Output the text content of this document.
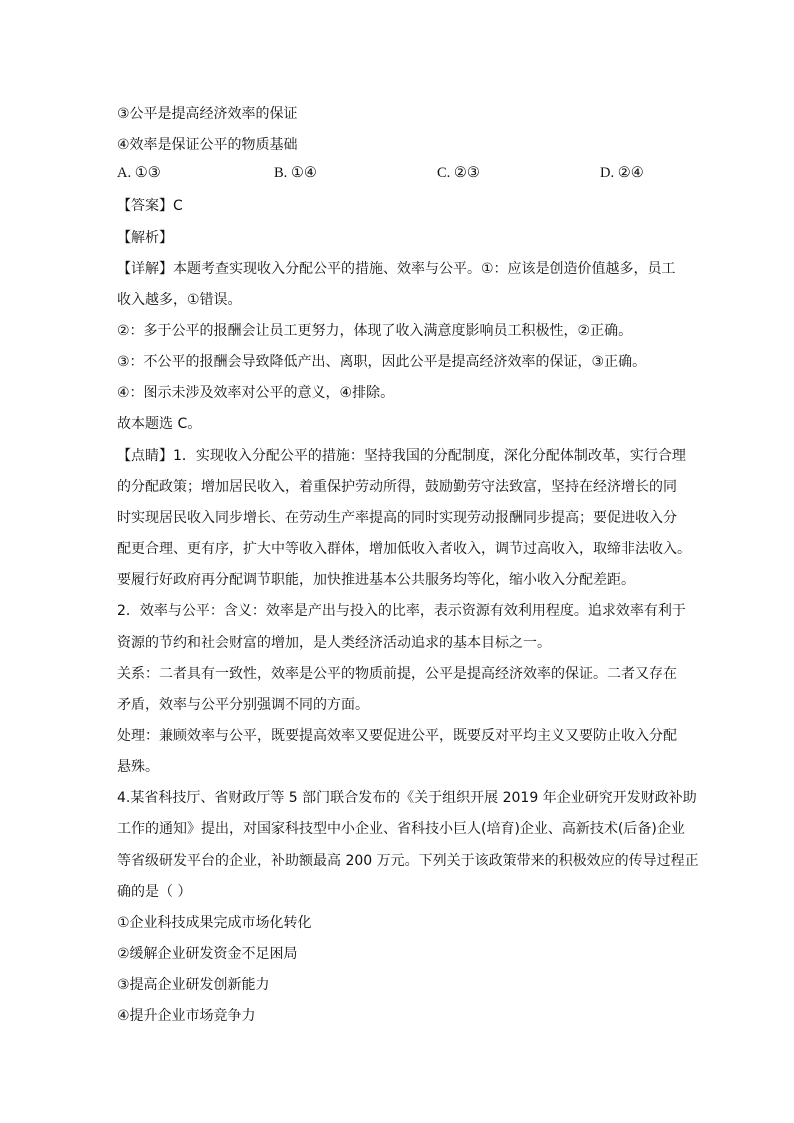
③公平是提高经济效率的保证
④效率是保证公平的物质基础
A. ①③	B. ①④	C. ②③	D. ②④
【答案】C
【解析】
【详解】本题考查实现收入分配公平的措施、效率与公平。①：应该是创造价值越多，员工
收入越多，①错误。
②：多于公平的报酬会让员工更努力，体现了收入满意度影响员工积极性，②正确。
③：不公平的报酬会导致降低产出、离职，因此公平是提高经济效率的保证，③正确。
④：图示未涉及效率对公平的意义，④排除。
故本题选 C。
【点睛】1．实现收入分配公平的措施：坚持我国的分配制度，深化分配体制改革，实行合理
的分配政策；增加居民收入，着重保护劳动所得，鼓励勤劳守法致富，坚持在经济增长的同
时实现居民收入同步增长、在劳动生产率提高的同时实现劳动报酬同步提高；要促进收入分
配更合理、更有序，扩大中等收入群体，增加低收入者收入，调节过高收入，取缔非法收入。
要履行好政府再分配调节职能，加快推进基本公共服务均等化，缩小收入分配差距。
2．效率与公平：含义：效率是产出与投入的比率，表示资源有效利用程度。追求效率有利于
资源的节约和社会财富的增加，是人类经济活动追求的基本目标之一。
关系：二者具有一致性，效率是公平的物质前提，公平是提高经济效率的保证。二者又存在
矛盾，效率与公平分别强调不同的方面。
处理：兼顾效率与公平，既要提高效率又要促进公平，既要反对平均主义又要防止收入分配
悬殊。
4.某省科技厅、省财政厅等 5 部门联合发布的《关于组织开展 2019 年企业研究开发财政补助
工作的通知》提出，对国家科技型中小企业、省科技小巨人(培育)企业、高新技术(后备)企业
等省级研发平台的企业，补助额最高 200 万元。下列关于该政策带来的积极效应的传导过程正
确的是（ ）
①企业科技成果完成市场化转化
②缓解企业研发资金不足困局
③提高企业研发创新能力
④提升企业市场竞争力
